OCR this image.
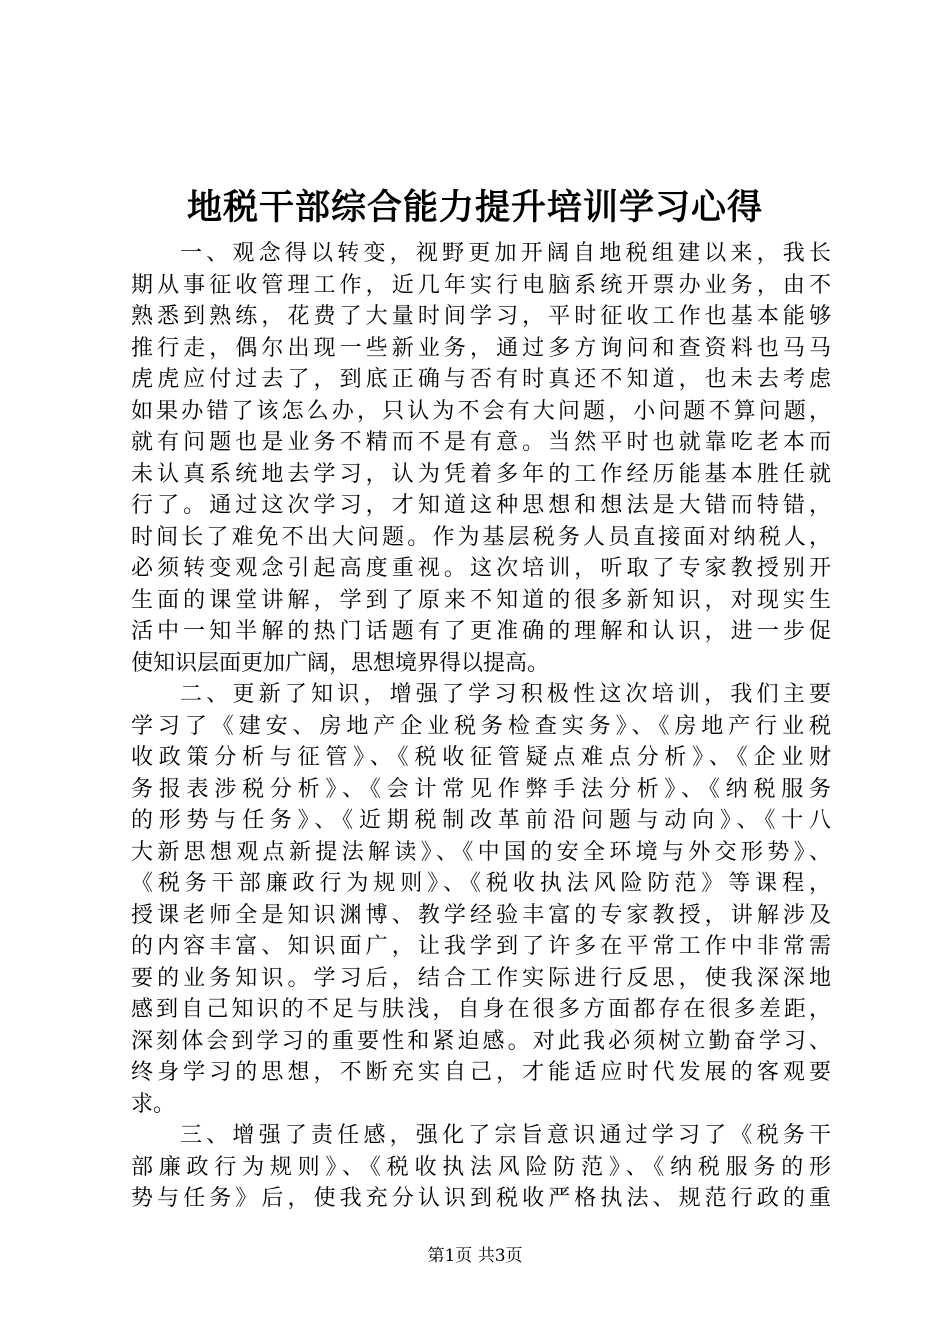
地税干部综合能力提升培训学习心得
一、观念得以转变，视野更加开阔自地税组建以来，我长
期从事征收管理工作，近几年实行电脑系统开票办业务，由不
熟悉到熟练，花费了大量时间学习，平时征收工作也基本能够
推行走，偶尔出现一些新业务，通过多方询问和查资料也马马
虎虎应付过去了，到底正确与否有时真还不知道，也未去考虑
如果办错了该怎么办，只认为不会有大问题，小问题不算问题，
就有问题也是业务不精而不是有意。当然平时也就靠吃老本而
未认真系统地去学习，认为凭着多年的工作经历能基本胜任就
行了。通过这次学习，才知道这种思想和想法是大错而特错，
时间长了难免不出大问题。作为基层税务人员直接面对纳税人，
必须转变观念引起高度重视。这次培训，听取了专家教授别开
生面的课堂讲解，学到了原来不知道的很多新知识，对现实生
活中一知半解的热门话题有了更准确的理解和认识，进一步促
使知识层面更加广阔，思想境界得以提高。
二、更新了知识，增强了学习积极性这次培训，我们主要
学习了《建安、房地产企业税务检查实务》、《房地产行业税
收政策分析与征管》、《税收征管疑点难点分析》、《企业财
务报表涉税分析》、《会计常见作弊手法分析》、《纳税服务
的形势与任务》、《近期税制改革前沿问题与动向》、《十八
大新思想观点新提法解读》、《中国的安全环境与外交形势》、
《税务干部廉政行为规则》、《税收执法风险防范》等课程，
授课老师全是知识渊博、教学经验丰富的专家教授，讲解涉及
的内容丰富、知识面广，让我学到了许多在平常工作中非常需
要的业务知识。学习后，结合工作实际进行反思，使我深深地
感到自己知识的不足与肤浅，自身在很多方面都存在很多差距，
深刻体会到学习的重要性和紧迫感。对此我必须树立勤奋学习、
终身学习的思想，不断充实自己，才能适应时代发展的客观要
求。
三、增强了责任感，强化了宗旨意识通过学习了《税务干
部廉政行为规则》、《税收执法风险防范》、《纳税服务的形
势与任务》后，使我充分认识到税收严格执法、规范行政的重
第1页 共3页
